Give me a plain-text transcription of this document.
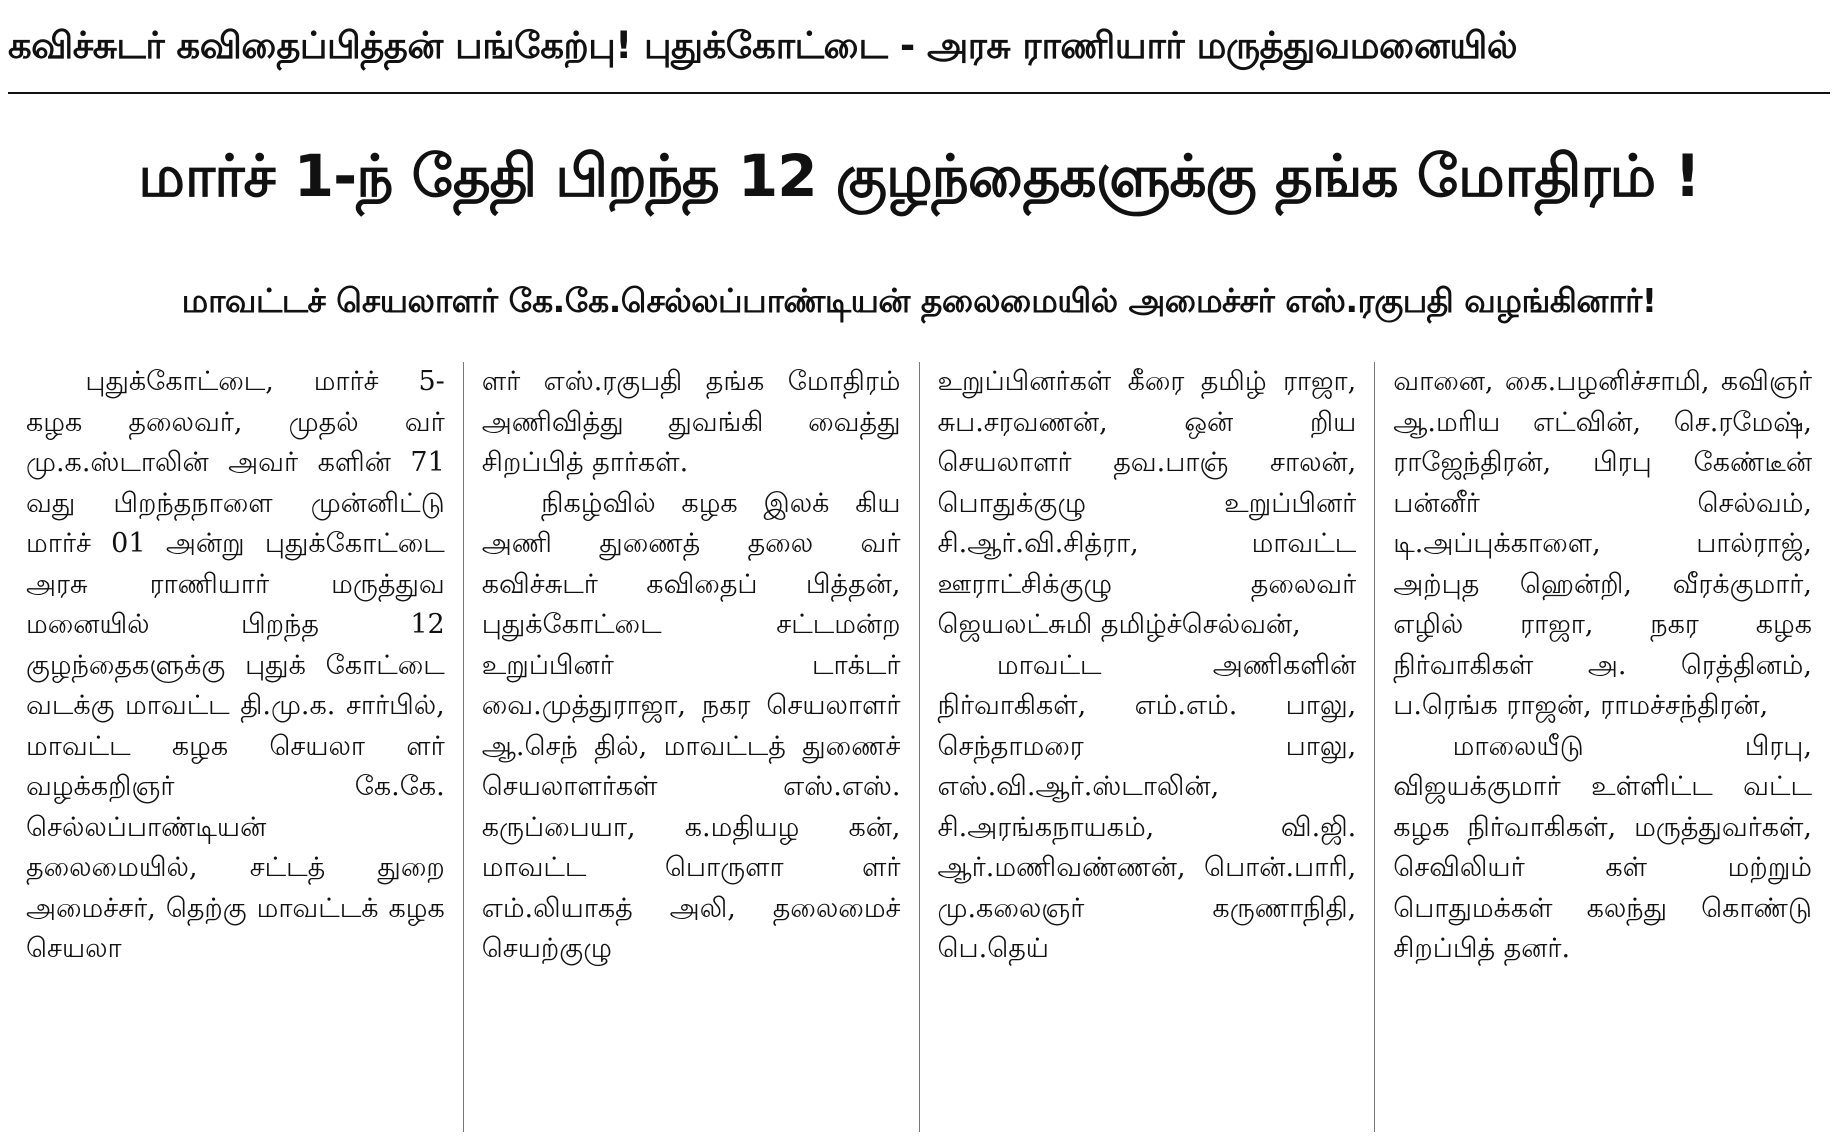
கவிச்சுடர் கவிதைப்பித்தன் பங்கேற்பு! புதுக்கோட்டை - அரசு ராணியார் மருத்துவமனையில்
மார்ச் 1-ந் தேதி பிறந்த 12 குழந்தைகளுக்கு தங்க மோதிரம் !
மாவட்டச் செயலாளர் கே.கே.செல்லப்பாண்டியன் தலைமையில் அமைச்சர் எஸ்.ரகுபதி வழங்கினார்!

புதுக்கோட்டை, மார்ச் 5- கழக தலைவர், முதல் வர் மு.க.ஸ்டாலின் அவர் களின் 71 வது பிறந்தநாளை முன்னிட்டு மார்ச் 01 அன்று புதுக்கோட்டை அரசு ராணியார் மருத்துவ மனையில் பிறந்த 12 குழந்தைகளுக்கு புதுக் கோட்டை வடக்கு மாவட்ட தி.மு.க. சார்பில், மாவட்ட கழக செயலா ளர் வழக்கறிஞர் கே.கே. செல்லப்பாண்டியன் தலைமையில், சட்டத் துறை அமைச்சர், தெற்கு மாவட்டக் கழக செயலா

ளர் எஸ்.ரகுபதி தங்க மோதிரம் அணிவித்து துவங்கி வைத்து சிறப்பித் தார்கள்.

நிகழ்வில் கழக இலக் கிய அணி துணைத் தலை வர் கவிச்சுடர் கவிதைப் பித்தன், புதுக்கோட்டை சட்டமன்ற உறுப்பினர் டாக்டர் வை.முத்துராஜா, நகர செயலாளர் ஆ.செந் தில், மாவட்டத் துணைச் செயலாளர்கள் எஸ்.எஸ். கருப்பையா, க.மதியழ கன், மாவட்ட பொருளா ளர் எம்.லியாகத் அலி, தலைமைச் செயற்குழு

உறுப்பினர்கள் கீரை தமிழ் ராஜா, சுப.சரவணன், ஒன் றிய செயலாளர் தவ.பாஞ் சாலன், பொதுக்குழு உறுப்பினர் சி.ஆர்.வி.சித்ரா, மாவட்ட ஊராட்சிக்குழு தலைவர் ஜெயலட்சுமி தமிழ்ச்செல்வன்,

மாவட்ட அணிகளின் நிர்வாகிகள், எம்.எம். பாலு, செந்தாமரை பாலு, எஸ்.வி.ஆர்.ஸ்டாலின், சி.அரங்கநாயகம், வி.ஜி. ஆர்.மணிவண்ணன், பொன்.பாரி, மு.கலைஞர் கருணாநிதி, பெ.தெய்

வானை, கை.பழனிச்சாமி, கவிஞர் ஆ.மரிய எட்வின், செ.ரமேஷ், ராஜேந்திரன், பிரபு கேண்டீன் பன்னீர் செல்வம், டி.அப்புக்காளை, பால்ராஜ், அற்புத ஹென்றி, வீரக்குமார், எழில் ராஜா, நகர கழக நிர்வாகிகள் அ. ரெத்தினம், ப.ரெங்க ராஜன், ராமச்சந்திரன்,

மாலையீடு பிரபு, விஜயக்குமார் உள்ளிட்ட வட்ட கழக நிர்வாகிகள், மருத்துவர்கள், செவிலியர் கள் மற்றும் பொதுமக்கள் கலந்து கொண்டு சிறப்பித் தனர்.
